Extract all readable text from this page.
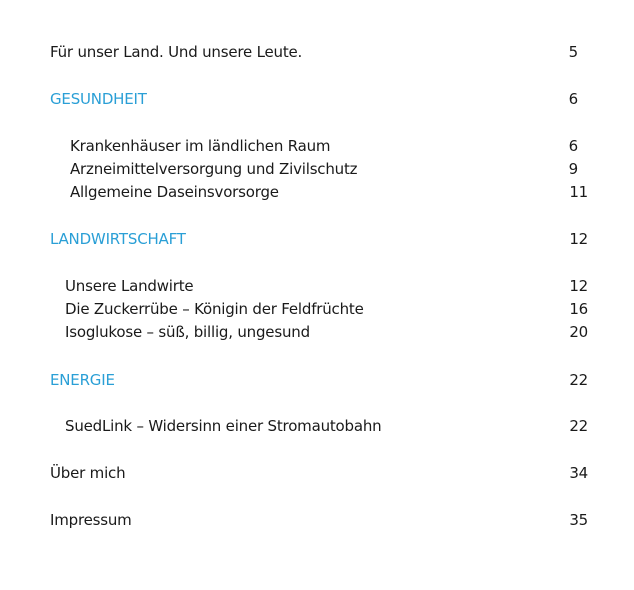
Für unser Land. Und unsere Leute.	5
GESUNDHEIT	6
Krankenhäuser im ländlichen Raum	6
Arzneimittelversorgung und Zivilschutz	9
Allgemeine Daseinsvorsorge	11
LANDWIRTSCHAFT	12
Unsere Landwirte	12
Die Zuckerrübe – Königin der Feldfrüchte	16
Isoglukose – süß, billig, ungesund	20
ENERGIE	22
SuedLink – Widersinn einer Stromautobahn	22
Über mich	34
Impressum	35
